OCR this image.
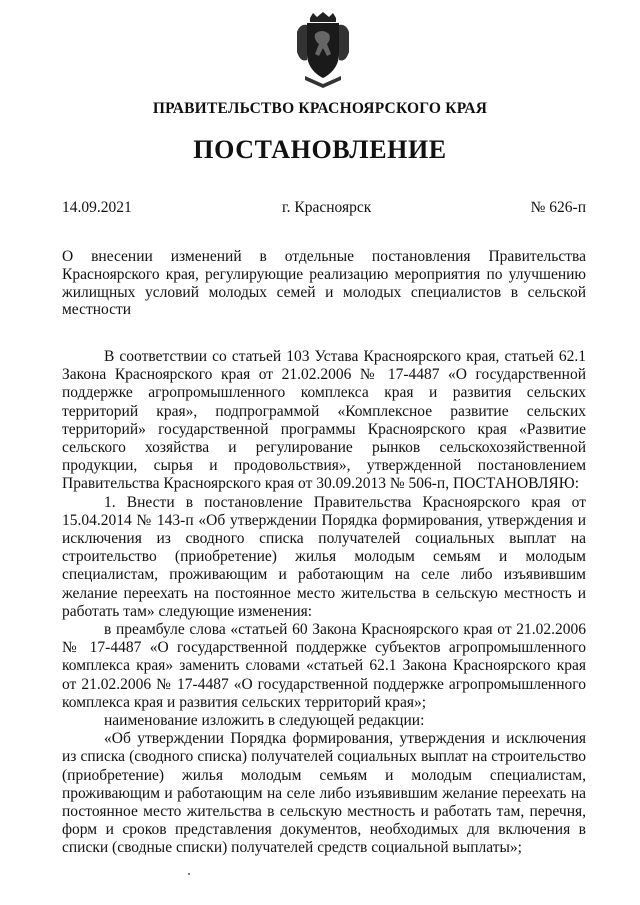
ПРАВИТЕЛЬСТВО КРАСНОЯРСКОГО КРАЯ
ПОСТАНОВЛЕНИЕ
14.09.2021	г. Красноярск	№ 626-п
О внесении изменений в отдельные постановления Правительства Красноярского края, регулирующие реализацию мероприятия по улучшению жилищных условий молодых семей и молодых специалистов в сельской местности

В соответствии со статьей 103 Устава Красноярского края, статьей 62.1 Закона Красноярского края от 21.02.2006 № 17-4487 «О государственной поддержке агропромышленного комплекса края и развития сельских территорий края», подпрограммой «Комплексное развитие сельских территорий» государственной программы Красноярского края «Развитие сельского хозяйства и регулирование рынков сельскохозяйственной продукции, сырья и продовольствия», утвержденной постановлением Правительства Красноярского края от 30.09.2013 № 506-п, ПОСТАНОВЛЯЮ:

1. Внести в постановление Правительства Красноярского края от 15.04.2014 № 143-п «Об утверждении Порядка формирования, утверждения и исключения из сводного списка получателей социальных выплат на строительство (приобретение) жилья молодым семьям и молодым специалистам, проживающим и работающим на селе либо изъявившим желание переехать на постоянное место жительства в сельскую местность и работать там» следующие изменения:

в преамбуле слова «статьей 60 Закона Красноярского края от 21.02.2006 № 17-4487 «О государственной поддержке субъектов агропромышленного комплекса края» заменить словами «статьей 62.1 Закона Красноярского края от 21.02.2006 № 17-4487 «О государственной поддержке агропромышленного комплекса края и развития сельских территорий края»;

наименование изложить в следующей редакции:

«Об утверждении Порядка формирования, утверждения и исключения из списка (сводного списка) получателей социальных выплат на строительство (приобретение) жилья молодым семьям и молодым специалистам, проживающим и работающим на селе либо изъявившим желание переехать на постоянное место жительства в сельскую местность и работать там, перечня, форм и сроков представления документов, необходимых для включения в списки (сводные списки) получателей средств социальной выплаты»;
